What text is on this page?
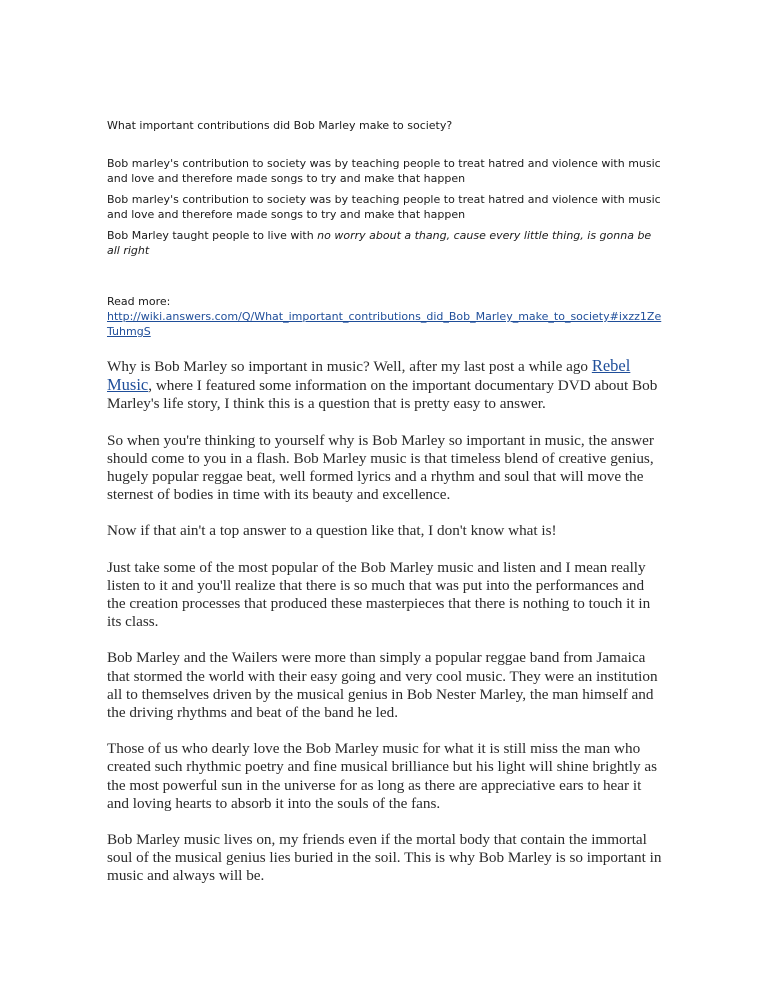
What important contributions did Bob Marley make to society?

Bob marley's contribution to society was by teaching people to treat hatred and violence with music and love and therefore made songs to try and make that happen

Bob marley's contribution to society was by teaching people to treat hatred and violence with music and love and therefore made songs to try and make that happen

Bob Marley taught people to live with no worry about a thang, cause every little thing, is gonna be all right

Read more:

http://wiki.answers.com/Q/What_important_contributions_did_Bob_Marley_make_to_society#ixzz1ZeTuhmgS

Why is Bob Marley so important in music? Well, after my last post a while ago Rebel Music, where I featured some information on the important documentary DVD about Bob Marley's life story, I think this is a question that is pretty easy to answer.

So when you're thinking to yourself why is Bob Marley so important in music, the answer should come to you in a flash. Bob Marley music is that timeless blend of creative genius, hugely popular reggae beat, well formed lyrics and a rhythm and soul that will move the sternest of bodies in time with its beauty and excellence.

Now if that ain't a top answer to a question like that, I don't know what is!

Just take some of the most popular of the Bob Marley music and listen and I mean really listen to it and you'll realize that there is so much that was put into the performances and the creation processes that produced these masterpieces that there is nothing to touch it in its class.

Bob Marley and the Wailers were more than simply a popular reggae band from Jamaica that stormed the world with their easy going and very cool music. They were an institution all to themselves driven by the musical genius in Bob Nester Marley, the man himself and the driving rhythms and beat of the band he led.

Those of us who dearly love the Bob Marley music for what it is still miss the man who created such rhythmic poetry and fine musical brilliance but his light will shine brightly as the most powerful sun in the universe for as long as there are appreciative ears to hear it and loving hearts to absorb it into the souls of the fans.

Bob Marley music lives on, my friends even if the mortal body that contain the immortal soul of the musical genius lies buried in the soil. This is why Bob Marley is so important in music and always will be.
